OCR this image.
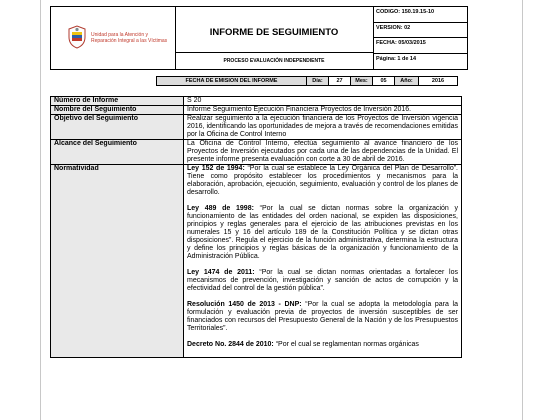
Unidad para la Atención y Reparación Integral a las Víctimas
INFORME DE SEGUIMIENTO
PROCESO EVALUACIÓN INDEPENDIENTE
CODIGO: 150.19.15-10
VERSION: 02
FECHA: 05/03/2015
Página: 1 de 14
FECHA DE EMISION DEL INFORME	Día:	27	Mes:	05	Año:	2016
Número de Informe	S 20
Nombre del Seguimiento	Informe Seguimiento Ejecución Financiera Proyectos de Inversión 2016.
Objetivo del Seguimiento	Realizar seguimiento a la ejecución financiera de los Proyectos de Inversión vigencia 2016, identificando las oportunidades de mejora a través de recomendaciones emitidas por la Oficina de Control Interno
Alcance del Seguimiento	La Oficina de Control Interno, efectúa seguimiento al avance financiero de los Proyectos de Inversión ejecutados por cada una de las dependencias de la Unidad. El presente informe presenta evaluación con corte a 30 de abril de 2016.
Normatividad	Ley 152 de 1994: “Por la cual se establece la Ley Orgánica del Plan de Desarrollo”. Tiene como propósito establecer los procedimientos y mecanismos para la elaboración, aprobación, ejecución, seguimiento, evaluación y control de los planes de desarrollo.

Ley 489 de 1998: “Por la cual se dictan normas sobre la organización y funcionamiento de las entidades del orden nacional, se expiden las disposiciones, principios y reglas generales para el ejercicio de las atribuciones previstas en los numerales 15 y 16 del artículo 189 de la Constitución Política y se dictan otras disposiciones”. Regula el ejercicio de la función administrativa, determina la estructura y define los principios y reglas básicas de la organización y funcionamiento de la Administración Pública.

Ley 1474 de 2011: “Por la cual se dictan normas orientadas a fortalecer los mecanismos de prevención, investigación y sanción de actos de corrupción y la efectividad del control de la gestión pública”.

Resolución 1450 de 2013 - DNP: “Por la cual se adopta la metodología para la formulación y evaluación previa de proyectos de inversión susceptibles de ser financiados con recursos del Presupuesto General de la Nación y de los Presupuestos Territoriales”.

Decreto No. 2844 de 2010: “Por el cual se reglamentan normas orgánicas
